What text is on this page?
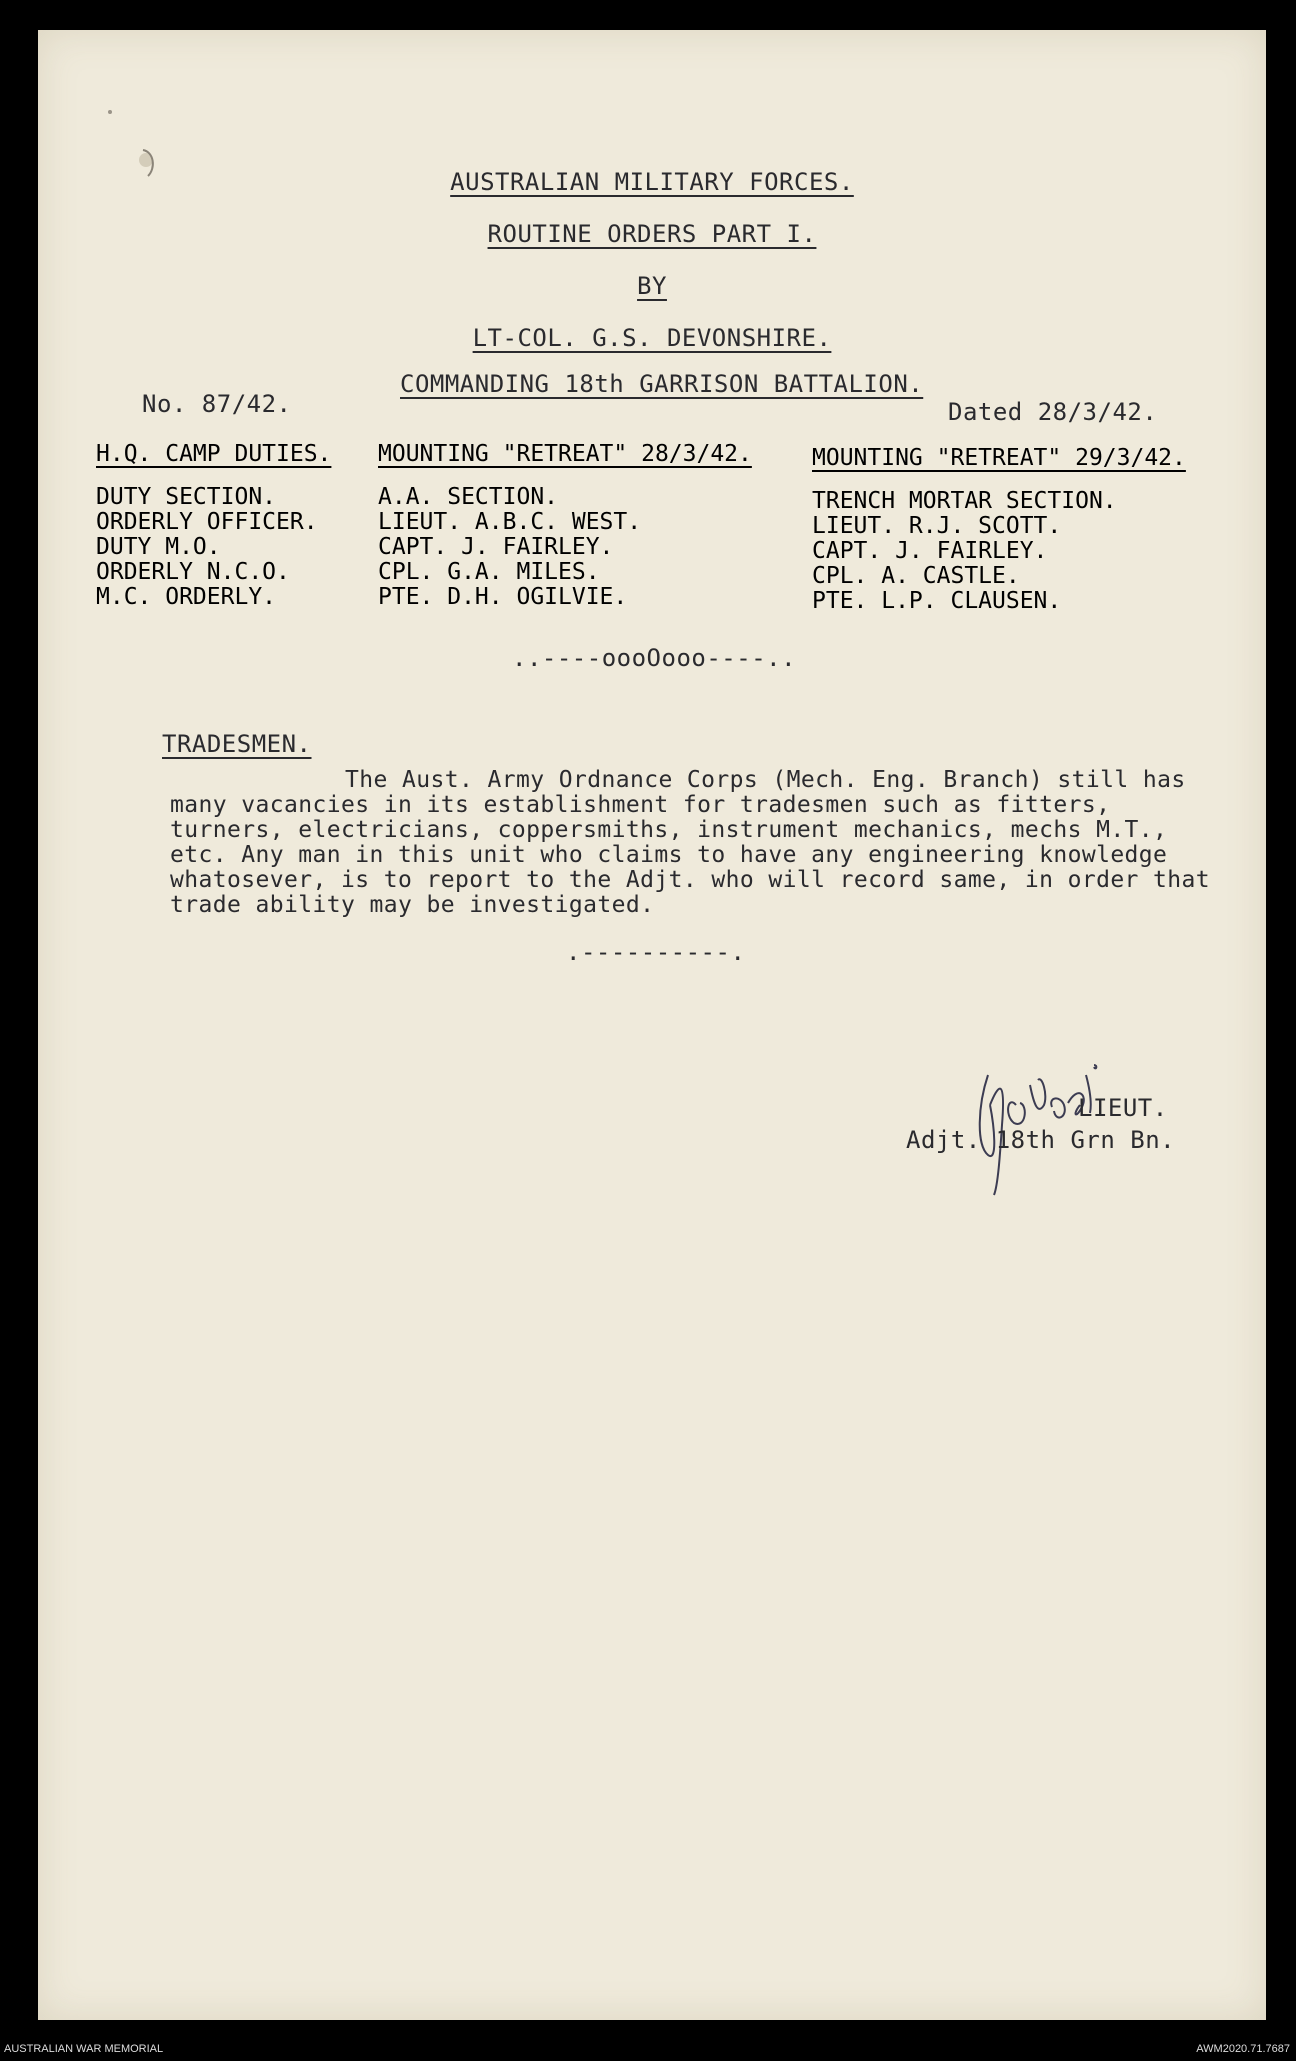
AUSTRALIAN MILITARY FORCES.
ROUTINE ORDERS PART I.
BY
LT-COL. G.S. DEVONSHIRE.
COMMANDING 18th GARRISON BATTALION.
No. 87/42.	Dated 28/3/42.
H.Q. CAMP DUTIES.
DUTY SECTION.
ORDERLY OFFICER.
DUTY M.O.
ORDERLY N.C.O.
M.C. ORDERLY.
MOUNTING "RETREAT" 28/3/42.
A.A. SECTION.
LIEUT. A.B.C. WEST.
CAPT. J. FAIRLEY.
CPL. G.A. MILES.
PTE. D.H. OGILVIE.
MOUNTING "RETREAT" 29/3/42.
TRENCH MORTAR SECTION.
LIEUT. R.J. SCOTT.
CAPT. J. FAIRLEY.
CPL. A. CASTLE.
PTE. L.P. CLAUSEN.
..----oooOooo----..
TRADESMEN.
The Aust. Army Ordnance Corps (Mech. Eng. Branch) still has many vacancies in its establishment for tradesmen such as fitters, turners, electricians, coppersmiths, instrument mechanics, mechs M.T., etc. Any man in this unit who claims to have any engineering knowledge whatosever, is to report to the Adjt. who will record same, in order that trade ability may be investigated.
.----------.
LIEUT.
Adjt. 18th Grn Bn.
AUSTRALIAN WAR MEMORIAL	AWM2020.71.7687
